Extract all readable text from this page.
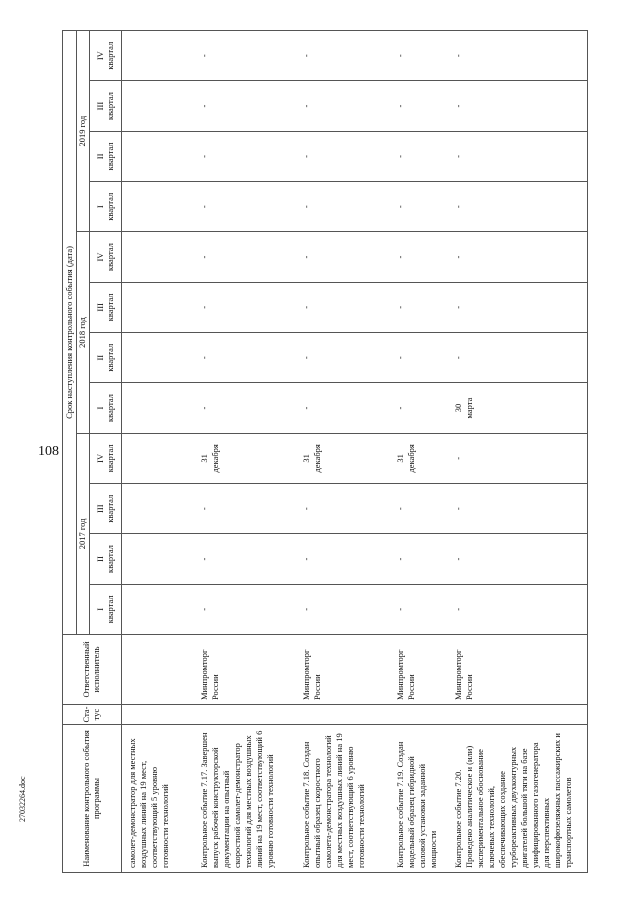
108
Наименование контрольного события программы	Ста-тус	Ответственный исполнитель	Срок наступления контрольного события (дата)											
			2017 год				2018 год				2019 год			

			I квартал	II квартал	III квартал	IV квартал	I квартал	II квартал	III квартал	IV квартал	I квартал	II квартал	III квартал	IV квартал

самолет-демонстратор для местных воздушных линий на 19 мест, соответствующий 5 уровню готовности технологий														
Контрольное событие 7.17. Завершен выпуск рабочей конструкторской документации на опытный скоростной самолет-демонстратор технологий для местных воздушных линий на 19 мест, соответствующий 6 уровню готовности технологий		Минпромторг России	-	-	-	31 декабря	-	-	-	-	-	-	-	-
Контрольное событие 7.18. Создан опытный образец скоростного самолета-демонстратора технологий для местных воздушных линий на 19 мест, соответствующий 6 уровню готовности технологий		Минпромторг России	-	-	-	31 декабря	-	-	-	-	-	-	-	-
Контрольное событие 7.19. Создан модельный образец гибридной силовой установки заданной мощности		Минпромторг России	-	-	-	31 декабря	-	-	-	-	-	-	-	-
Контрольное событие 7.20. Проведено аналитическое и (или) экспериментальное обоснование ключевых технологий, обеспечивающих создание турбореактивных двухконтурных двигателей большой тяги на базе унифицированного газогенератора для перспективных широкофюзеляжных пассажирских и транспортных самолетов		Минпромторг России	-	-	-	-	30 марта	-	-	-	-	-	-	-
27032264.doc
